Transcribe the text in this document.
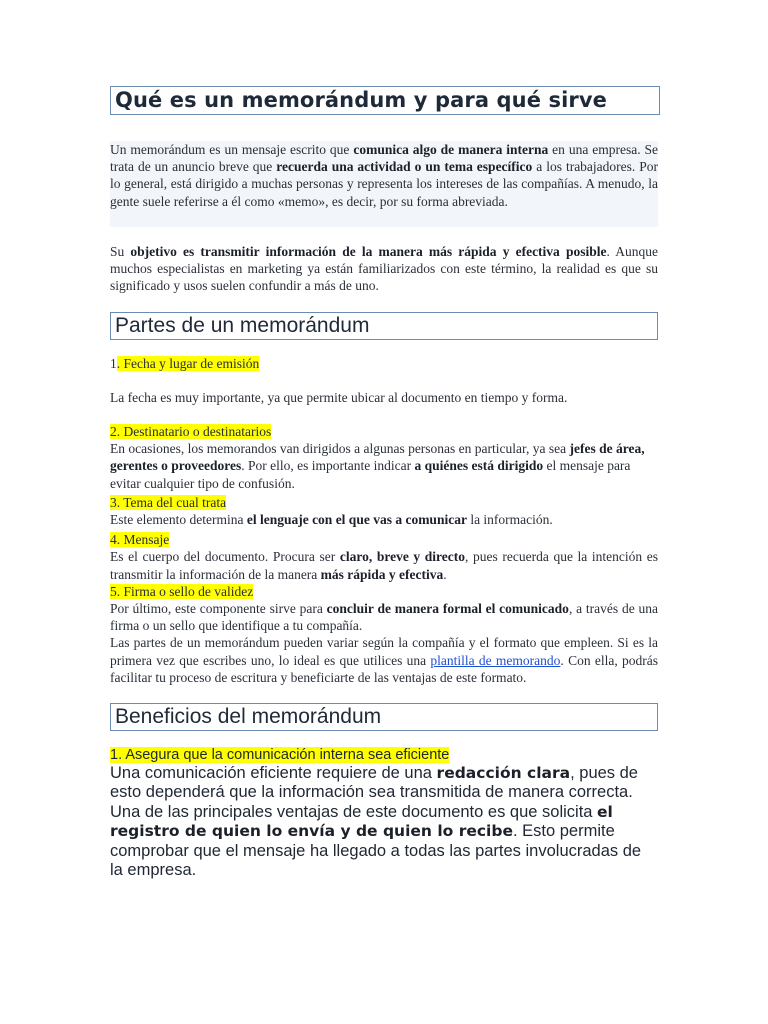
Qué es un memorándum y para qué sirve

Un memorándum es un mensaje escrito que comunica algo de manera interna en una empresa. Se trata de un anuncio breve que recuerda una actividad o un tema específico a los trabajadores. Por lo general, está dirigido a muchas personas y representa los intereses de las compañías. A menudo, la gente suele referirse a él como «memo», es decir, por su forma abreviada.

Su objetivo es transmitir información de la manera más rápida y efectiva posible. Aunque muchos especialistas en marketing ya están familiarizados con este término, la realidad es que su significado y usos suelen confundir a más de uno.

Partes de un memorándum

1. Fecha y lugar de emisión

La fecha es muy importante, ya que permite ubicar al documento en tiempo y forma.

2. Destinatario o destinatarios

En ocasiones, los memorandos van dirigidos a algunas personas en particular, ya sea jefes de área, gerentes o proveedores. Por ello, es importante indicar a quiénes está dirigido el mensaje para evitar cualquier tipo de confusión.

3. Tema del cual trata

Este elemento determina el lenguaje con el que vas a comunicar la información.

4. Mensaje

Es el cuerpo del documento. Procura ser claro, breve y directo, pues recuerda que la intención es transmitir la información de la manera más rápida y efectiva.

5. Firma o sello de validez

Por último, este componente sirve para concluir de manera formal el comunicado, a través de una firma o un sello que identifique a tu compañía.

Las partes de un memorándum pueden variar según la compañía y el formato que empleen. Si es la primera vez que escribes uno, lo ideal es que utilices una plantilla de memorando. Con ella, podrás facilitar tu proceso de escritura y beneficiarte de las ventajas de este formato.

Beneficios del memorándum

1. Asegura que la comunicación interna sea eficiente

Una comunicación eficiente requiere de una redacción clara, pues de esto dependerá que la información sea transmitida de manera correcta. Una de las principales ventajas de este documento es que solicita el registro de quien lo envía y de quien lo recibe. Esto permite comprobar que el mensaje ha llegado a todas las partes involucradas de la empresa.
